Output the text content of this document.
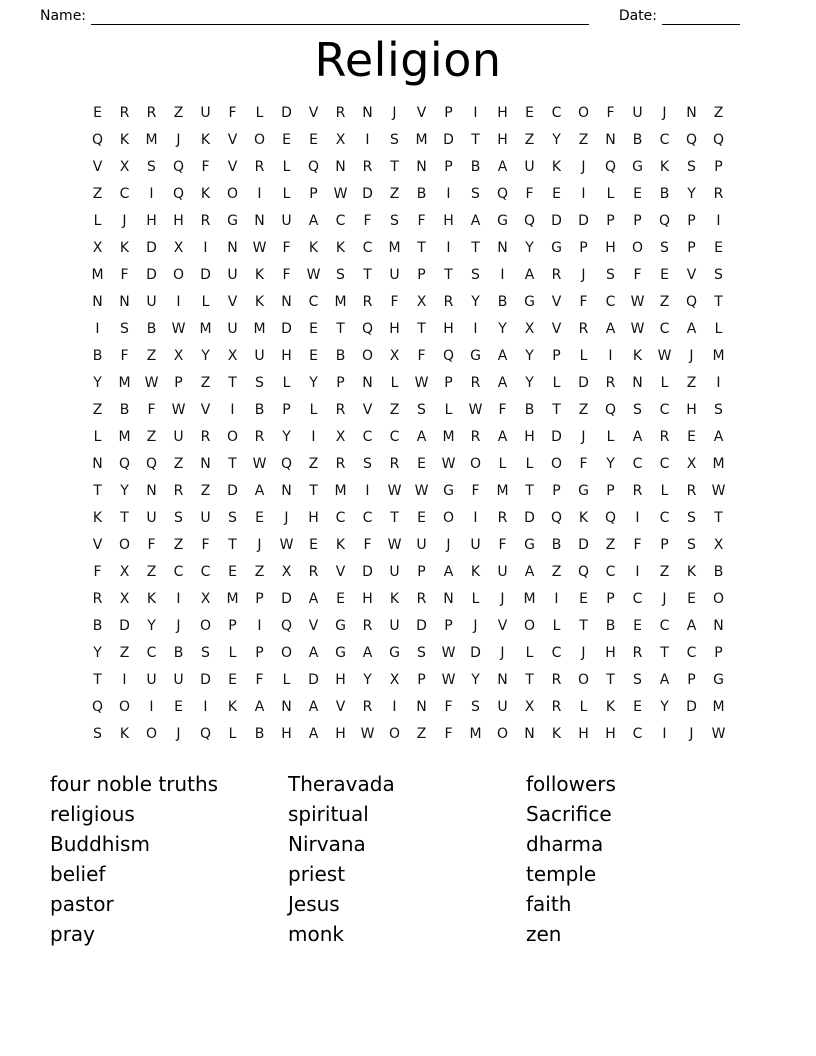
Name:	Date:
Religion
E	R	R	Z	U	F	L	D	V	R	N	J	V	P	I	H	E	C	O	F	U	J	N	Z
Q	K	M	J	K	V	O	E	E	X	I	S	M	D	T	H	Z	Y	Z	N	B	C	Q	Q
V	X	S	Q	F	V	R	L	Q	N	R	T	N	P	B	A	U	K	J	Q	G	K	S	P
Z	C	I	Q	K	O	I	L	P	W	D	Z	B	I	S	Q	F	E	I	L	E	B	Y	R
L	J	H	H	R	G	N	U	A	C	F	S	F	H	A	G	Q	D	D	P	P	Q	P	I
X	K	D	X	I	N	W	F	K	K	C	M	T	I	T	N	Y	G	P	H	O	S	P	E
M	F	D	O	D	U	K	F	W	S	T	U	P	T	S	I	A	R	J	S	F	E	V	S
N	N	U	I	L	V	K	N	C	M	R	F	X	R	Y	B	G	V	F	C	W	Z	Q	T
I	S	B	W	M	U	M	D	E	T	Q	H	T	H	I	Y	X	V	R	A	W	C	A	L
B	F	Z	X	Y	X	U	H	E	B	O	X	F	Q	G	A	Y	P	L	I	K	W	J	M
Y	M	W	P	Z	T	S	L	Y	P	N	L	W	P	R	A	Y	L	D	R	N	L	Z	I
Z	B	F	W	V	I	B	P	L	R	V	Z	S	L	W	F	B	T	Z	Q	S	C	H	S
L	M	Z	U	R	O	R	Y	I	X	C	C	A	M	R	A	H	D	J	L	A	R	E	A
N	Q	Q	Z	N	T	W	Q	Z	R	S	R	E	W	O	L	L	O	F	Y	C	C	X	M
T	Y	N	R	Z	D	A	N	T	M	I	W W	G	F	M	T	P	G	P	R	L	R	W
K	T	U	S	U	S	E	J	H	C	C	T	E	O	I	R	D	Q	K	Q	I	C	S	T
V	O	F	Z	F	T	J	W	E	K	F	W	U	J	U	F	G	B	D	Z	F	P	S	X
F	X	Z	C	C	E	Z	X	R	V	D	U	P	A	K	U	A	Z	Q	C	I	Z	K	B
R	X	K	I	X	M	P	D	A	E	H	K	R	N	L	J	M	I	E	P	C	J	E	O
B	D	Y	J	O	P	I	Q	V	G	R	U	D	P	J	V	O	L	T	B	E	C	A	N
Y	Z	C	B	S	L	P	O	A	G	A	G	S	W	D	J	L	C	J	H	R	T	C	P
T	I	U	U	D	E	F	L	D	H	Y	X	P	W	Y	N	T	R	O	T	S	A	P	G
Q	O	I	E	I	K	A	N	A	V	R	I	N	F	S	U	X	R	L	K	E	Y	D	M
S	K	O	J	Q	L	B	H	A	H	W	O	Z	F	M	O	N	K	H	H	C	I	J	W
four noble truths
religious
Buddhism
belief
pastor
pray
Theravada
spiritual
Nirvana
priest
Jesus
monk
followers
Sacrifice
dharma
temple
faith
zen
